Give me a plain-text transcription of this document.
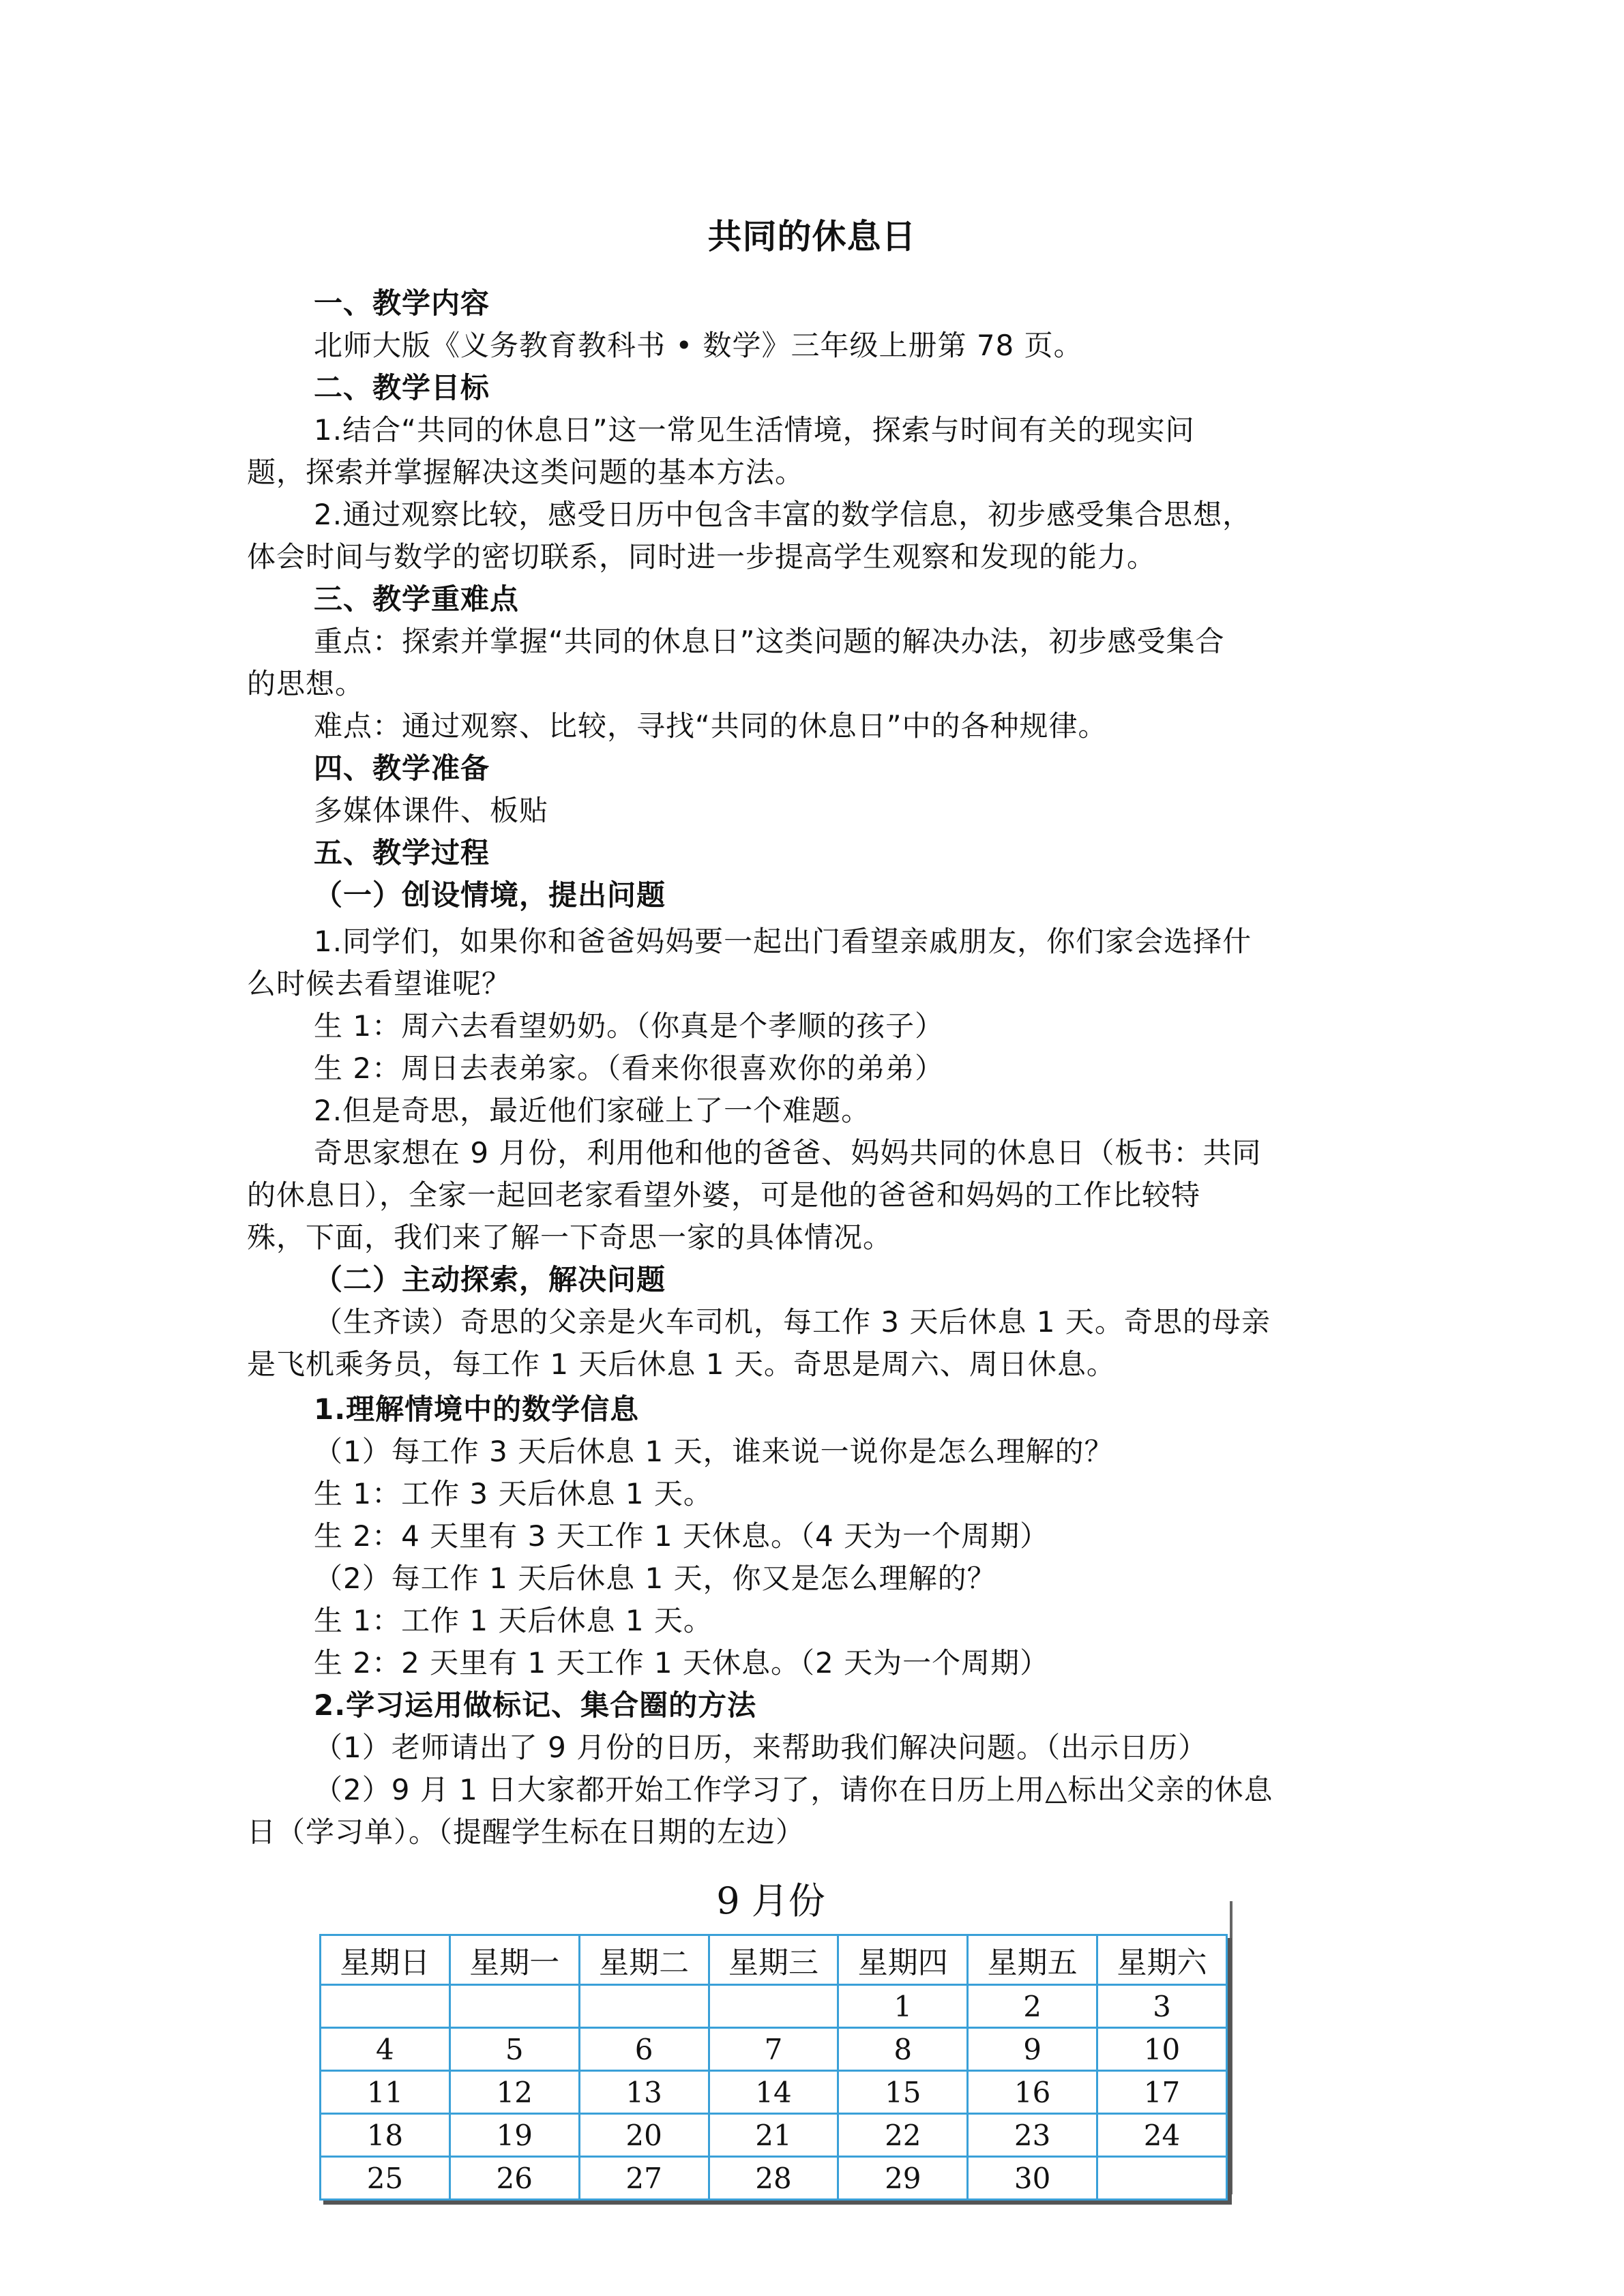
共同的休息日

一、教学内容

北师大版《义务教育教科书 • 数学》三年级上册第 78 页。

二、教学目标

1.结合“共同的休息日”这一常见生活情境，探索与时间有关的现实问

题，探索并掌握解决这类问题的基本方法。

2.通过观察比较，感受日历中包含丰富的数学信息，初步感受集合思想，

体会时间与数学的密切联系，同时进一步提高学生观察和发现的能力。

三、教学重难点

重点：探索并掌握“共同的休息日”这类问题的解决办法，初步感受集合

的思想。

难点：通过观察、比较，寻找“共同的休息日”中的各种规律。

四、教学准备

多媒体课件、板贴

五、教学过程

（一）创设情境，提出问题

1.同学们，如果你和爸爸妈妈要一起出门看望亲戚朋友，你们家会选择什

么时候去看望谁呢？

生 1：周六去看望奶奶。（你真是个孝顺的孩子）

生 2：周日去表弟家。（看来你很喜欢你的弟弟）

2.但是奇思，最近他们家碰上了一个难题。

奇思家想在 9 月份，利用他和他的爸爸、妈妈共同的休息日（板书：共同

的休息日），全家一起回老家看望外婆，可是他的爸爸和妈妈的工作比较特

殊，下面，我们来了解一下奇思一家的具体情况。

（二）主动探索，解决问题

（生齐读）奇思的父亲是火车司机，每工作 3 天后休息 1 天。奇思的母亲

是飞机乘务员，每工作 1 天后休息 1 天。奇思是周六、周日休息。

1.理解情境中的数学信息

（1）每工作 3 天后休息 1 天，谁来说一说你是怎么理解的？

生 1：工作 3 天后休息 1 天。

生 2：4 天里有 3 天工作 1 天休息。（4 天为一个周期）

（2）每工作 1 天后休息 1 天，你又是怎么理解的？

生 1：工作 1 天后休息 1 天。

生 2：2 天里有 1 天工作 1 天休息。（2 天为一个周期）

2.学习运用做标记、集合圈的方法

（1）老师请出了 9 月份的日历，来帮助我们解决问题。（出示日历）

（2）9 月 1 日大家都开始工作学习了，请你在日历上用△标出父亲的休息

日（学习单）。（提醒学生标在日期的左边）

9 月份
星期日	星期一	星期二	星期三	星期四	星期五	星期六
				1	2	3
4	5	6	7	8	9	10
11	12	13	14	15	16	17
18	19	20	21	22	23	24
25	26	27	28	29	30	
